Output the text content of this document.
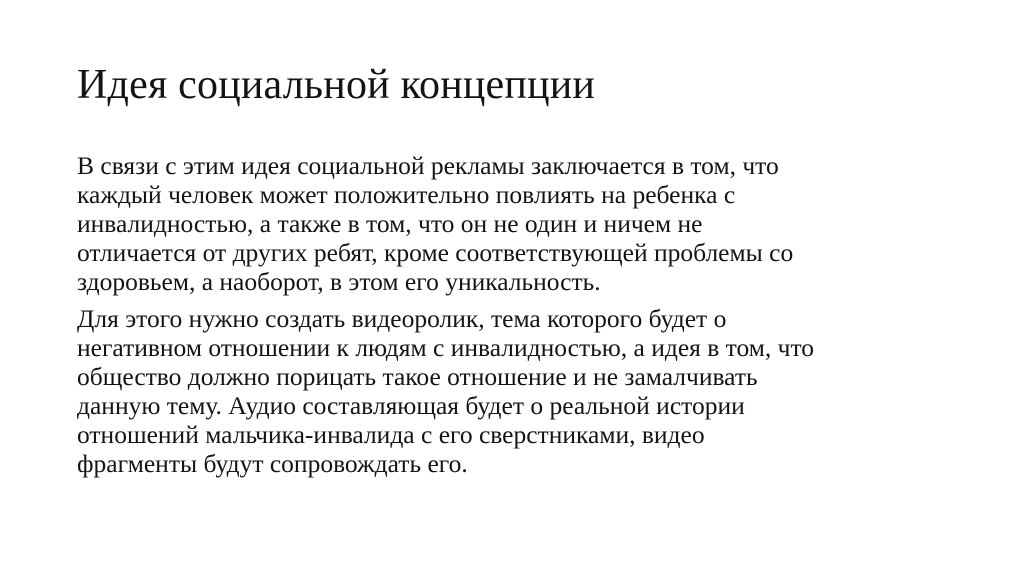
Идея социальной концепции

В связи с этим идея социальной рекламы заключается в том, что
каждый человек может положительно повлиять на ребенка с
инвалидностью, а также в том, что он не один и ничем не
отличается от других ребят, кроме соответствующей проблемы со
здоровьем, а наоборот, в этом его уникальность.

Для этого нужно создать видеоролик, тема которого будет о
негативном отношении к людям с инвалидностью, а идея в том, что
общество должно порицать такое отношение и не замалчивать
данную тему. Аудио составляющая будет о реальной истории
отношений мальчика-инвалида с его сверстниками, видео
фрагменты будут сопровождать его.
